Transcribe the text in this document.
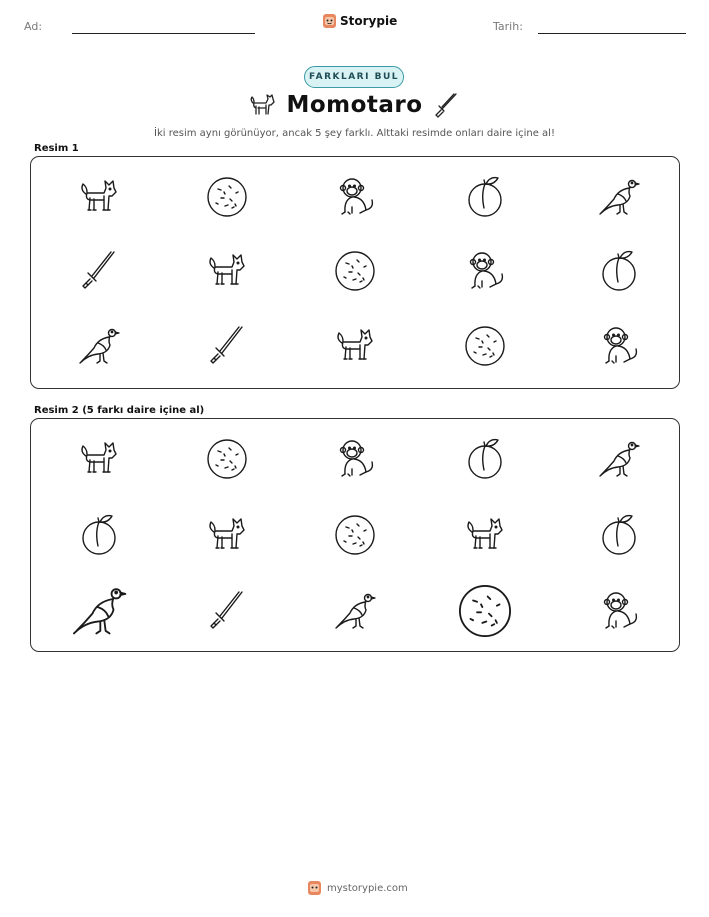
Ad:	Storypie	Tarih:
FARKLARI BUL
Momotaro
İki resim aynı görünüyor, ancak 5 şey farklı. Alttaki resimde onları daire içine al!
Resim 1
Resim 2 (5 farkı daire içine al)
mystorypie.com
